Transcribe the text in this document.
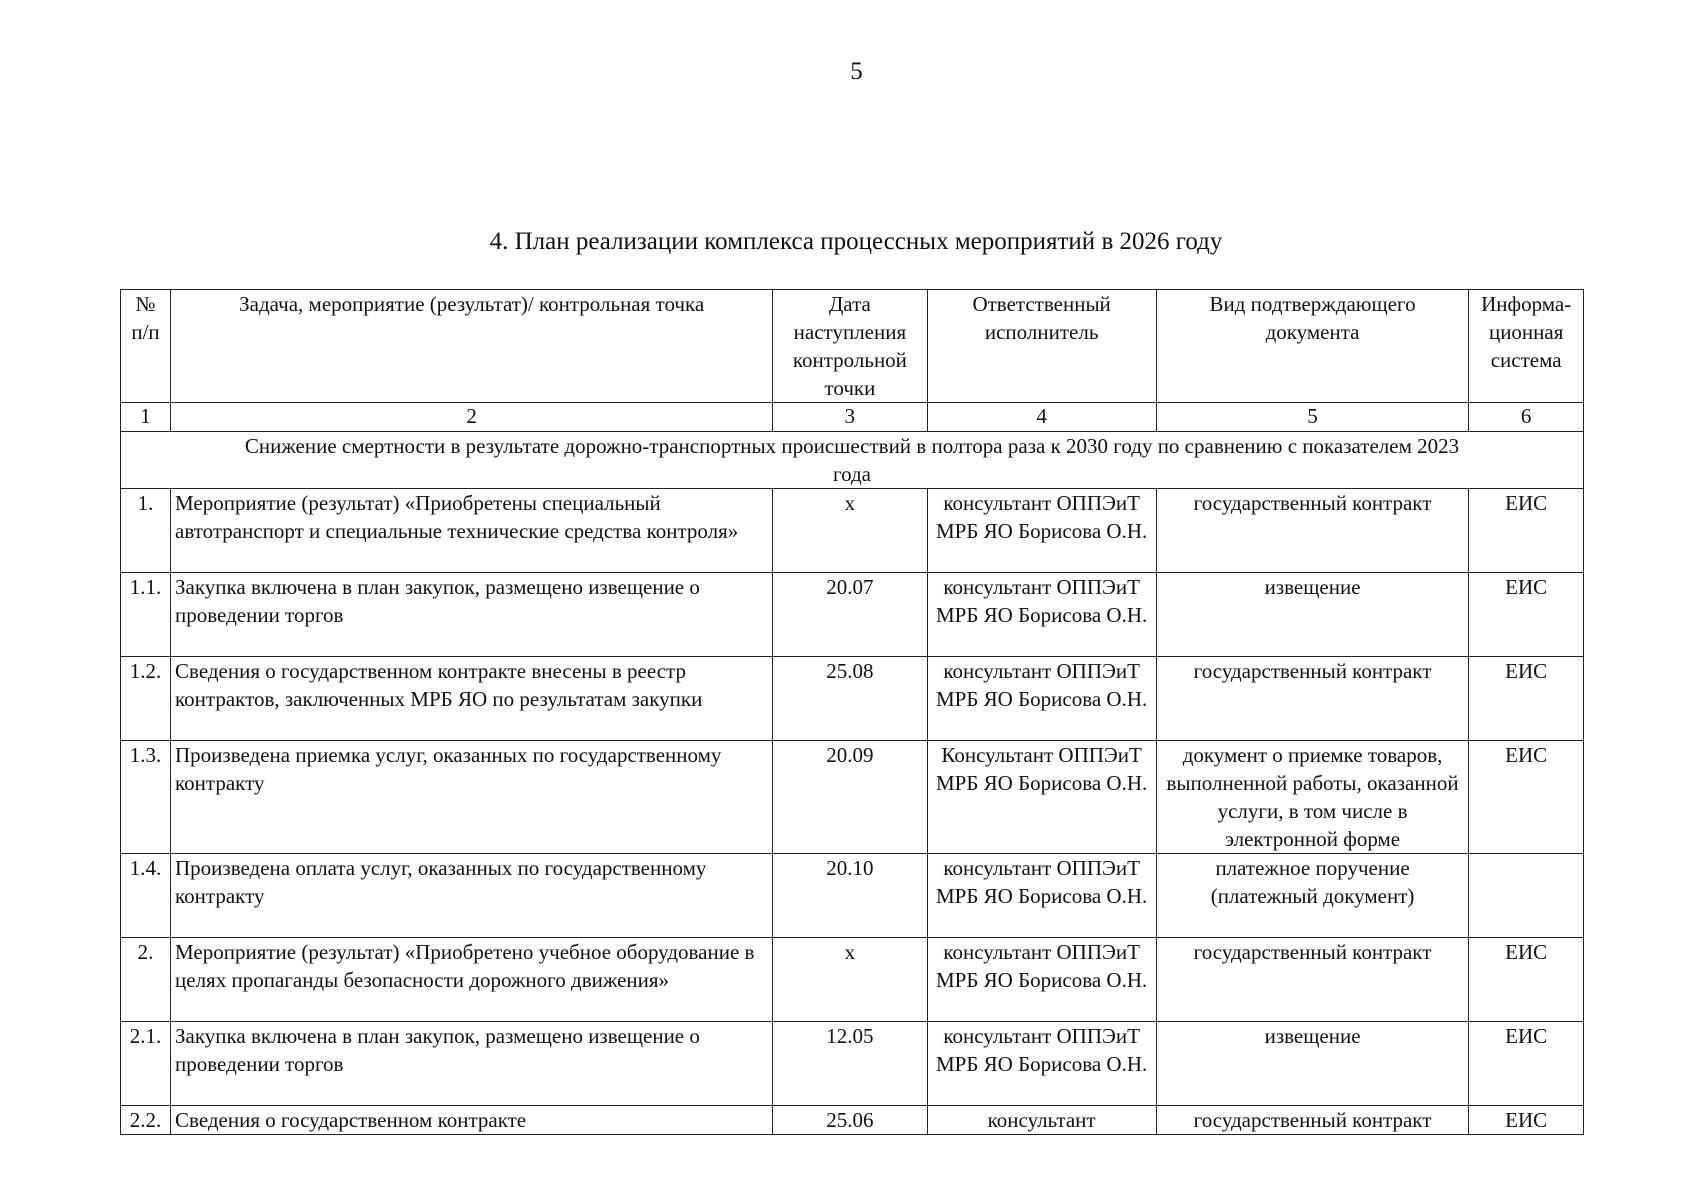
5
4. План реализации комплекса процессных мероприятий в 2026 году
№ п/п	Задача, мероприятие (результат)/ контрольная точка	Дата наступления контрольной точки	Ответственный исполнитель	Вид подтверждающего документа	Информа-ционная система
1	2	3	4	5	6
Снижение смертности в результате дорожно-транспортных происшествий в полтора раза к 2030 году по сравнению с показателем 2023 года					
1.	Мероприятие (результат) «Приобретены специальный автотранспорт и специальные технические средства контроля»	х	консультант ОППЭиТ МРБ ЯО Борисова О.Н.	государственный контракт	ЕИС
1.1.	Закупка включена в план закупок, размещено извещение о проведении торгов	20.07	консультант ОППЭиТ МРБ ЯО Борисова О.Н.	извещение	ЕИС
1.2.	Сведения о государственном контракте внесены в реестр контрактов, заключенных МРБ ЯО по результатам закупки	25.08	консультант ОППЭиТ МРБ ЯО Борисова О.Н.	государственный контракт	ЕИС
1.3.	Произведена приемка услуг, оказанных по государственному контракту	20.09	Консультант ОППЭиТ МРБ ЯО Борисова О.Н.	документ о приемке товаров, выполненной работы, оказанной услуги, в том числе в электронной форме	ЕИС
1.4.	Произведена оплата услуг, оказанных по государственному контракту	20.10	консультант ОППЭиТ МРБ ЯО Борисова О.Н.	платежное поручение (платежный документ)	
2.	Мероприятие (результат) «Приобретено учебное оборудование в целях пропаганды безопасности дорожного движения»	х	консультант ОППЭиТ МРБ ЯО Борисова О.Н.	государственный контракт	ЕИС
2.1.	Закупка включена в план закупок, размещено извещение о проведении торгов	12.05	консультант ОППЭиТ МРБ ЯО Борисова О.Н.	извещение	ЕИС
2.2.	Сведения о государственном контракте	25.06	консультант	государственный контракт	ЕИС
